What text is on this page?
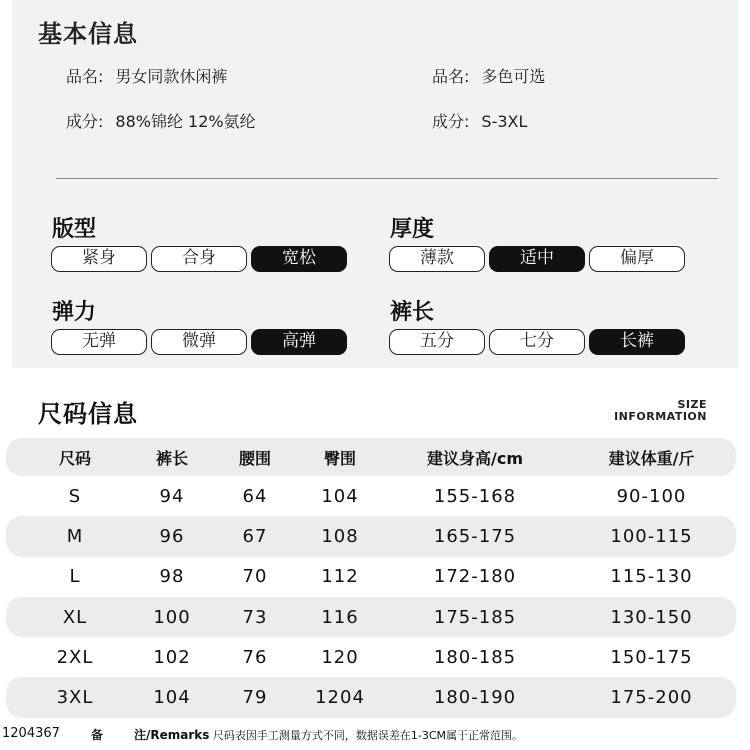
基本信息
品名: 男女同款休闲裤
成分: 88%锦纶 12%氨纶
品名: 多色可选
成分: S-3XL
版型
紧身	合身	宽松
厚度
薄款	适中	偏厚
弹力
无弹	微弹	高弹
裤长
五分	七分	长裤
尺码信息	SIZE
INFORMATION
尺码	裤长	腰围	臀围	建议身高/cm	建议体重/斤
S	94	64	104	155-168	90-100
M	96	67	108	165-175	100-115
L	98	70	112	172-180	115-130
XL	100	73	116	175-185	130-150
2XL	102	76	120	180-185	150-175
3XL	104	79	1204	180-190	175-200
1204367	备	注/Remarks 尺码表因手工测量方式不同，数据误差在1-3CM属于正常范围。
